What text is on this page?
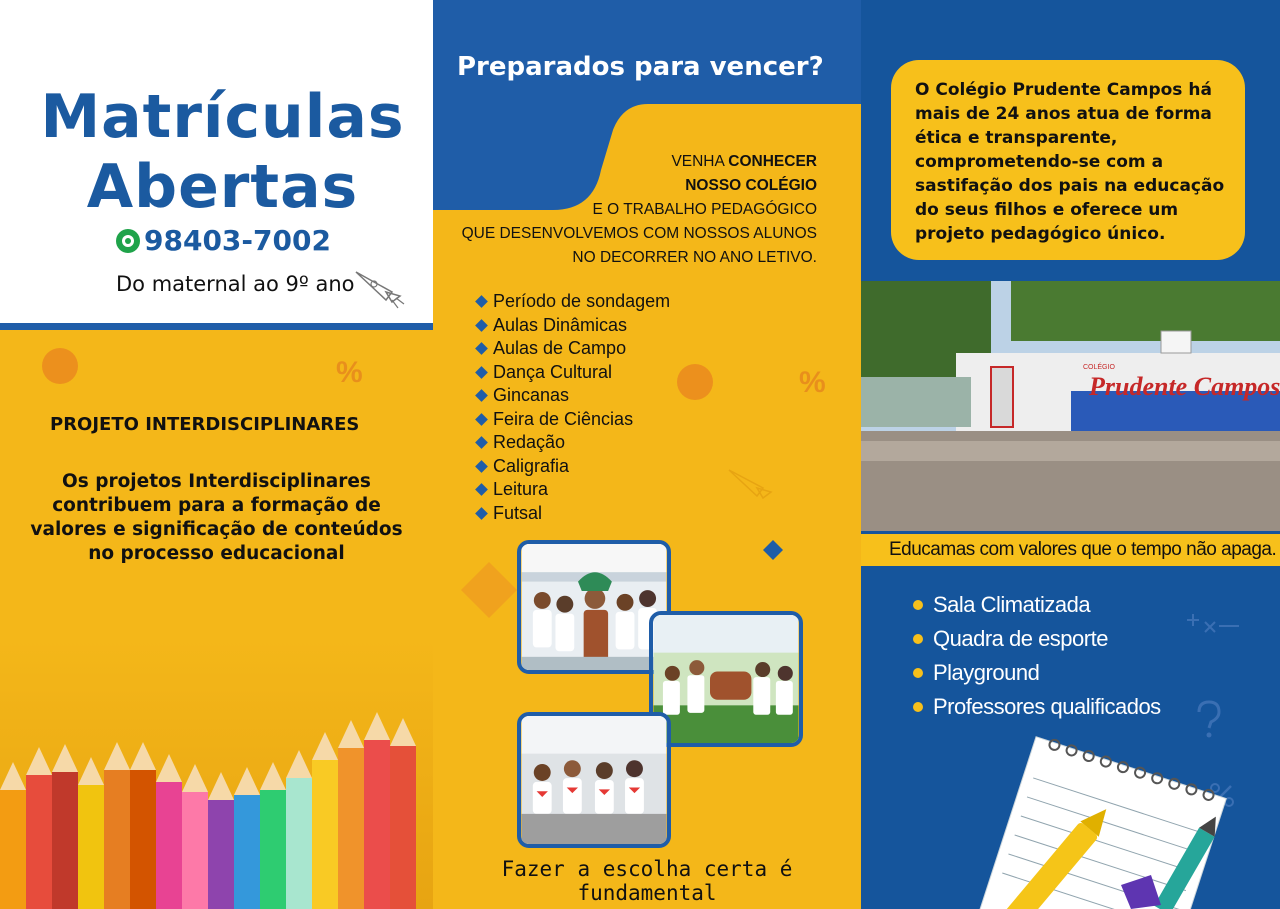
Matrículas
Abertas
98403-7002
Do maternal ao 9º ano
%
PROJETO INTERDISCIPLINARES
Os projetos Interdisciplinares contribuem para a formação de valores e significação de conteúdos no processo educacional
Preparados para vencer?
VENHA CONHECER
NOSSO COLÉGIO
E O TRABALHO PEDAGÓGICO
QUE DESENVOLVEMOS COM NOSSOS ALUNOS
NO DECORRER NO ANO LETIVO.
Período de sondagem
Aulas Dinâmicas
Aulas de Campo
Dança Cultural
Gincanas
Feira de Ciências
Redação
Caligrafia
Leitura
Futsal
%
Fazer a escolha certa é fundamental
O Colégio Prudente Campos há mais de 24 anos atua de forma ética e transparente, comprometendo-se com a sastifação dos pais na educação do seus filhos e oferece um projeto pedagógico único.
COLÉGIO
Prudente Campos
Educamas com valores que o tempo não apaga.
Sala Climatizada
Quadra de esporte
Playground
Professores qualificados
